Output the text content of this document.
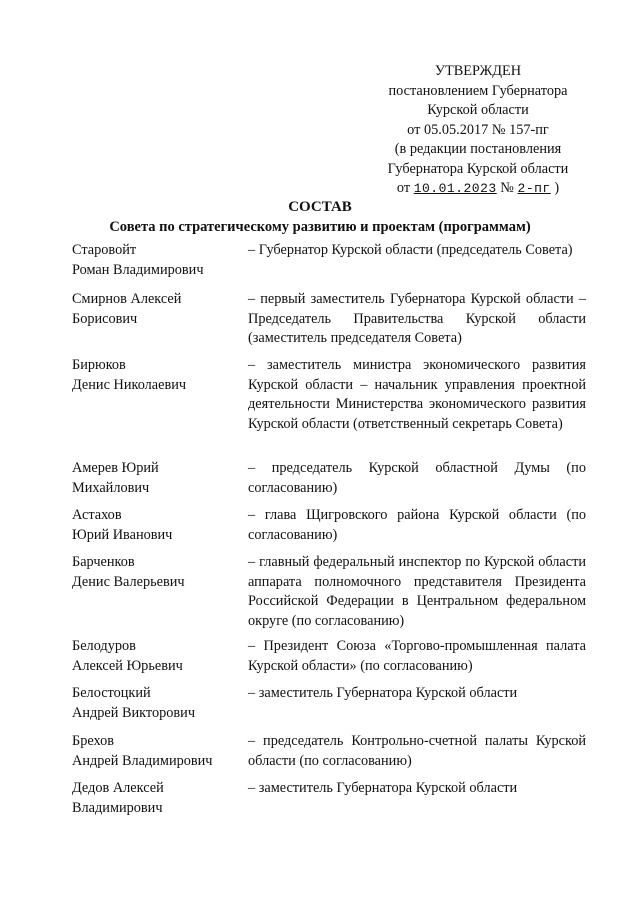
УТВЕРЖДЕН
постановлением Губернатора
Курской области
от 05.05.2017 № 157-пг
(в редакции постановления
Губернатора Курской области
от 10.01.2023 № 2-пг )
СОСТАВ
Совета по стратегическому развитию и проектам (программам)
Старовойт
Роман Владимирович
– Губернатор Курской области (председатель Совета)
Смирнов Алексей
Борисович
– первый заместитель Губернатора Курской области – Председатель Правительства Курской области (заместитель председателя Совета)
Бирюков
Денис Николаевич
– заместитель министра экономического развития Курской области – начальник управления проектной деятельности Министерства экономического развития Курской области (ответственный секретарь Совета)
Амерев Юрий
Михайлович
– председатель Курской областной Думы (по согласованию)
Астахов
Юрий Иванович
– глава Щигровского района Курской области (по согласованию)
Барченков
Денис Валерьевич
– главный федеральный инспектор по Курской области аппарата полномочного представителя Президента Российской Федерации в Центральном федеральном округе (по согласованию)
Белодуров
Алексей Юрьевич
– Президент Союза «Торгово-промышленная палата Курской области» (по согласованию)
Белостоцкий
Андрей Викторович
– заместитель Губернатора Курской области
Брехов
Андрей Владимирович
– председатель Контрольно-счетной палаты Курской области (по согласованию)
Дедов Алексей
Владимирович
– заместитель Губернатора Курской области
